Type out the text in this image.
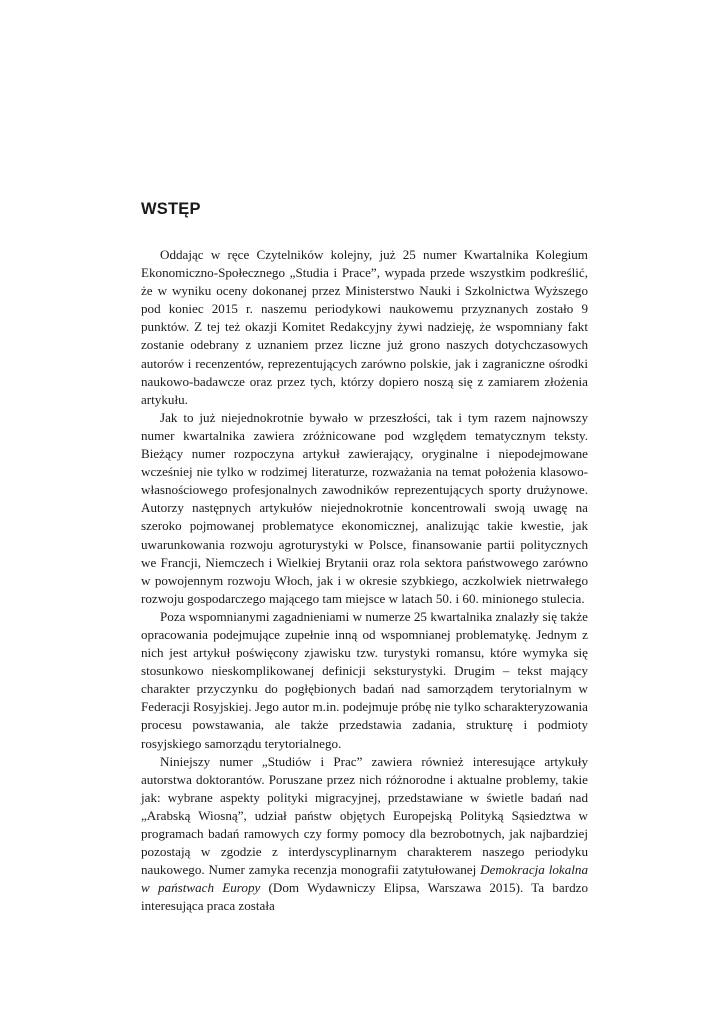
WSTĘP

Oddając w ręce Czytelników kolejny, już 25 numer Kwartalnika Kolegium Ekonomiczno-Społecznego „Studia i Prace”, wypada przede wszystkim podkreślić, że w wyniku oceny dokonanej przez Ministerstwo Nauki i Szkolnictwa Wyższego pod koniec 2015 r. naszemu periodykowi naukowemu przyznanych zostało 9 punktów. Z tej też okazji Komitet Redakcyjny żywi nadzieję, że wspomniany fakt zostanie odebrany z uznaniem przez liczne już grono naszych dotychczasowych autorów i recenzentów, reprezentujących zarówno polskie, jak i zagraniczne ośrodki naukowo-badawcze oraz przez tych, którzy dopiero noszą się z zamiarem złożenia artykułu.

Jak to już niejednokrotnie bywało w przeszłości, tak i tym razem najnowszy numer kwartalnika zawiera zróżnicowane pod względem tematycznym teksty. Bieżący numer rozpoczyna artykuł zawierający, oryginalne i niepodejmowane wcześniej nie tylko w rodzimej literaturze, rozważania na temat położenia klasowo-własnościowego profesjonalnych zawodników reprezentujących sporty drużynowe. Autorzy następnych artykułów niejednokrotnie koncentrowali swoją uwagę na szeroko pojmowanej problematyce ekonomicznej, analizując takie kwestie, jak uwarunkowania rozwoju agroturystyki w Polsce, finansowanie partii politycznych we Francji, Niemczech i Wielkiej Brytanii oraz rola sektora państwowego zarówno w powojennym rozwoju Włoch, jak i w okresie szybkiego, aczkolwiek nietrwałego rozwoju gospodarczego mającego tam miejsce w latach 50. i 60. minionego stulecia.

Poza wspomnianymi zagadnieniami w numerze 25 kwartalnika znalazły się także opracowania podejmujące zupełnie inną od wspomnianej problematykę. Jednym z nich jest artykuł poświęcony zjawisku tzw. turystyki romansu, które wymyka się stosunkowo nieskomplikowanej definicji seksturystyki. Drugim – tekst mający charakter przyczynku do pogłębionych badań nad samorządem terytorialnym w Federacji Rosyjskiej. Jego autor m.in. podejmuje próbę nie tylko scharakteryzowania procesu powstawania, ale także przedstawia zadania, strukturę i podmioty rosyjskiego samorządu terytorialnego.

Niniejszy numer „Studiów i Prac” zawiera również interesujące artykuły autorstwa doktorantów. Poruszane przez nich różnorodne i aktualne problemy, takie jak: wybrane aspekty polityki migracyjnej, przedstawiane w świetle badań nad „Arabską Wiosną”, udział państw objętych Europejską Polityką Sąsiedztwa w programach badań ramowych czy formy pomocy dla bezrobotnych, jak najbardziej pozostają w zgodzie z interdyscyplinarnym charakterem naszego periodyku naukowego. Numer zamyka recenzja monografii zatytułowanej Demokracja lokalna w państwach Europy (Dom Wydawniczy Elipsa, Warszawa 2015). Ta bardzo interesująca praca została
